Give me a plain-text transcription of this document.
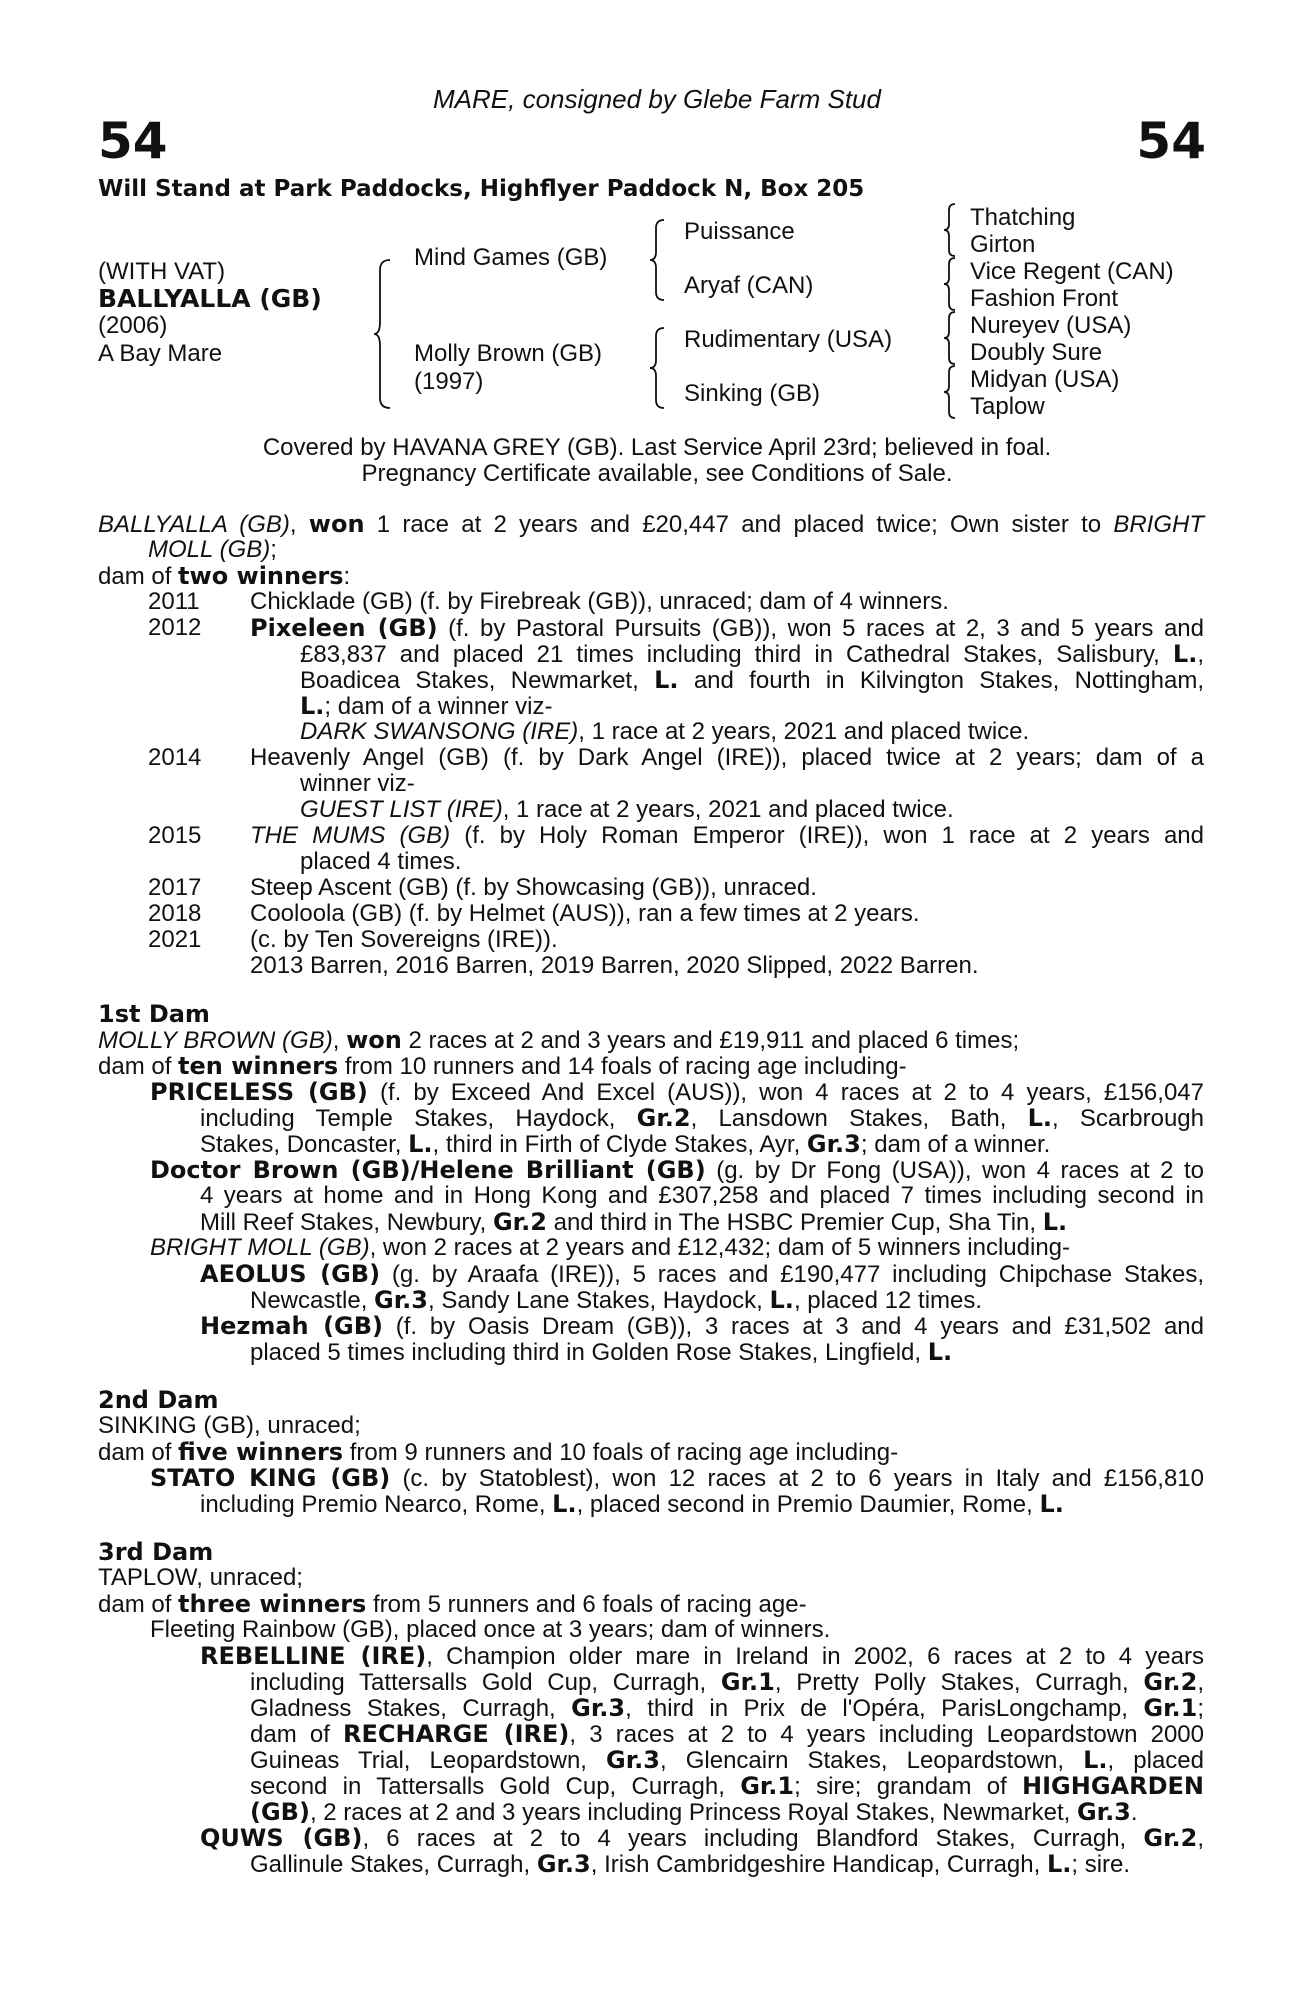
MARE, consigned by Glebe Farm Stud
54	54
Will Stand at Park Paddocks, Highflyer Paddock N, Box 205
(WITH VAT)
BALLYALLA (GB)
(2006)
A Bay Mare
Mind Games (GB)
Molly Brown (GB)
(1997)
Puissance
Aryaf (CAN)
Rudimentary (USA)
Sinking (GB)
Thatching
Girton
Vice Regent (CAN)
Fashion Front
Nureyev (USA)
Doubly Sure
Midyan (USA)
Taplow
Covered by HAVANA GREY (GB). Last Service April 23rd; believed in foal.
Pregnancy Certificate available, see Conditions of Sale.
BALLYALLA (GB), won 1 race at 2 years and £20,447 and placed twice; Own sister to BRIGHT
MOLL (GB);
dam of two winners:
2011 Chicklade (GB) (f. by Firebreak (GB)), unraced; dam of 4 winners.
2012 Pixeleen (GB) (f. by Pastoral Pursuits (GB)), won 5 races at 2, 3 and 5 years and
£83,837 and placed 21 times including third in Cathedral Stakes, Salisbury, L.,
Boadicea Stakes, Newmarket, L. and fourth in Kilvington Stakes, Nottingham,
L.; dam of a winner viz-
DARK SWANSONG (IRE), 1 race at 2 years, 2021 and placed twice.
2014 Heavenly Angel (GB) (f. by Dark Angel (IRE)), placed twice at 2 years; dam of a
winner viz-
GUEST LIST (IRE), 1 race at 2 years, 2021 and placed twice.
2015 THE MUMS (GB) (f. by Holy Roman Emperor (IRE)), won 1 race at 2 years and
placed 4 times.
2017 Steep Ascent (GB) (f. by Showcasing (GB)), unraced.
2018 Cooloola (GB) (f. by Helmet (AUS)), ran a few times at 2 years.
2021 (c. by Ten Sovereigns (IRE)).
2013 Barren, 2016 Barren, 2019 Barren, 2020 Slipped, 2022 Barren.
1st Dam
MOLLY BROWN (GB), won 2 races at 2 and 3 years and £19,911 and placed 6 times;
dam of ten winners from 10 runners and 14 foals of racing age including-
PRICELESS (GB) (f. by Exceed And Excel (AUS)), won 4 races at 2 to 4 years, £156,047
including Temple Stakes, Haydock, Gr.2, Lansdown Stakes, Bath, L., Scarbrough
Stakes, Doncaster, L., third in Firth of Clyde Stakes, Ayr, Gr.3; dam of a winner.
Doctor Brown (GB)/Helene Brilliant (GB) (g. by Dr Fong (USA)), won 4 races at 2 to
4 years at home and in Hong Kong and £307,258 and placed 7 times including second in
Mill Reef Stakes, Newbury, Gr.2 and third in The HSBC Premier Cup, Sha Tin, L.
BRIGHT MOLL (GB), won 2 races at 2 years and £12,432; dam of 5 winners including-
AEOLUS (GB) (g. by Araafa (IRE)), 5 races and £190,477 including Chipchase Stakes,
Newcastle, Gr.3, Sandy Lane Stakes, Haydock, L., placed 12 times.
Hezmah (GB) (f. by Oasis Dream (GB)), 3 races at 3 and 4 years and £31,502 and
placed 5 times including third in Golden Rose Stakes, Lingfield, L.
2nd Dam
SINKING (GB), unraced;
dam of five winners from 9 runners and 10 foals of racing age including-
STATO KING (GB) (c. by Statoblest), won 12 races at 2 to 6 years in Italy and £156,810
including Premio Nearco, Rome, L., placed second in Premio Daumier, Rome, L.
3rd Dam
TAPLOW, unraced;
dam of three winners from 5 runners and 6 foals of racing age-
Fleeting Rainbow (GB), placed once at 3 years; dam of winners.
REBELLINE (IRE), Champion older mare in Ireland in 2002, 6 races at 2 to 4 years
including Tattersalls Gold Cup, Curragh, Gr.1, Pretty Polly Stakes, Curragh, Gr.2,
Gladness Stakes, Curragh, Gr.3, third in Prix de l'Opéra, ParisLongchamp, Gr.1;
dam of RECHARGE (IRE), 3 races at 2 to 4 years including Leopardstown 2000
Guineas Trial, Leopardstown, Gr.3, Glencairn Stakes, Leopardstown, L., placed
second in Tattersalls Gold Cup, Curragh, Gr.1; sire; grandam of HIGHGARDEN
(GB), 2 races at 2 and 3 years including Princess Royal Stakes, Newmarket, Gr.3.
QUWS (GB), 6 races at 2 to 4 years including Blandford Stakes, Curragh, Gr.2,
Gallinule Stakes, Curragh, Gr.3, Irish Cambridgeshire Handicap, Curragh, L.; sire.
